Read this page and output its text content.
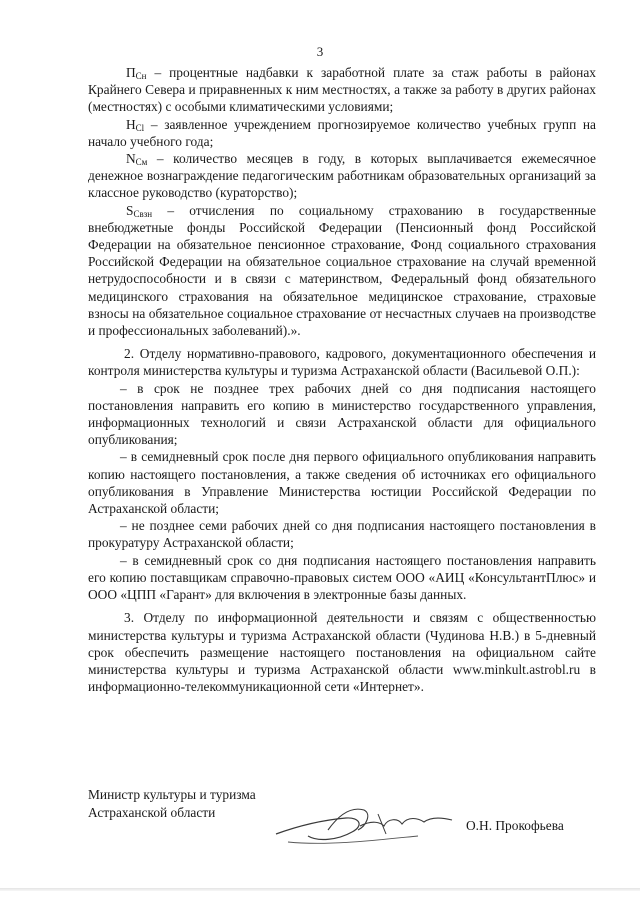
3

$П_{Сн}$ – процентные надбавки к заработной плате за стаж работы в районах Крайнего Севера и приравненных к ним местностях, а также за работу в других районах (местностях) с особыми климатическими условиями;

$Н_{Сl}$ – заявленное учреждением прогнозируемое количество учебных групп на начало учебного года;

$N_{См}$ – количество месяцев в году, в которых выплачивается ежемесячное денежное вознаграждение педагогическим работникам образовательных организаций за классное руководство (кураторство);

$S_{Свзн}$ – отчисления по социальному страхованию в государственные внебюджетные фонды Российской Федерации (Пенсионный фонд Российской Федерации на обязательное пенсионное страхование, Фонд социального страхования Российской Федерации на обязательное социальное страхование на случай временной нетрудоспособности и в связи с материнством, Федеральный фонд обязательного медицинского страхования на обязательное медицинское страхование, страховые взносы на обязательное социальное страхование от несчастных случаев на производстве и профессиональных заболеваний).».

2. Отделу нормативно-правового, кадрового, документационного обеспечения и контроля министерства культуры и туризма Астраханской области (Васильевой О.П.):

– в срок не позднее трех рабочих дней со дня подписания настоящего постановления направить его копию в министерство государственного управления, информационных технологий и связи Астраханской области для официального опубликования;

– в семидневный срок после дня первого официального опубликования направить копию настоящего постановления, а также сведения об источниках его официального опубликования в Управление Министерства юстиции Российской Федерации по Астраханской области;

– не позднее семи рабочих дней со дня подписания настоящего постановления в прокуратуру Астраханской области;

– в семидневный срок со дня подписания настоящего постановления направить его копию поставщикам справочно-правовых систем ООО «АИЦ «КонсультантПлюс» и ООО «ЦПП «Гарант» для включения в электронные базы данных.

3. Отделу по информационной деятельности и связям с общественностью министерства культуры и туризма Астраханской области (Чудинова Н.В.) в 5-дневный срок обеспечить размещение настоящего постановления на официальном сайте министерства культуры и туризма Астраханской области www.minkult.astrobl.ru в информационно-телекоммуникационной сети «Интернет».

Министр культуры и туризма
Астраханской области
О.Н. Прокофьева
